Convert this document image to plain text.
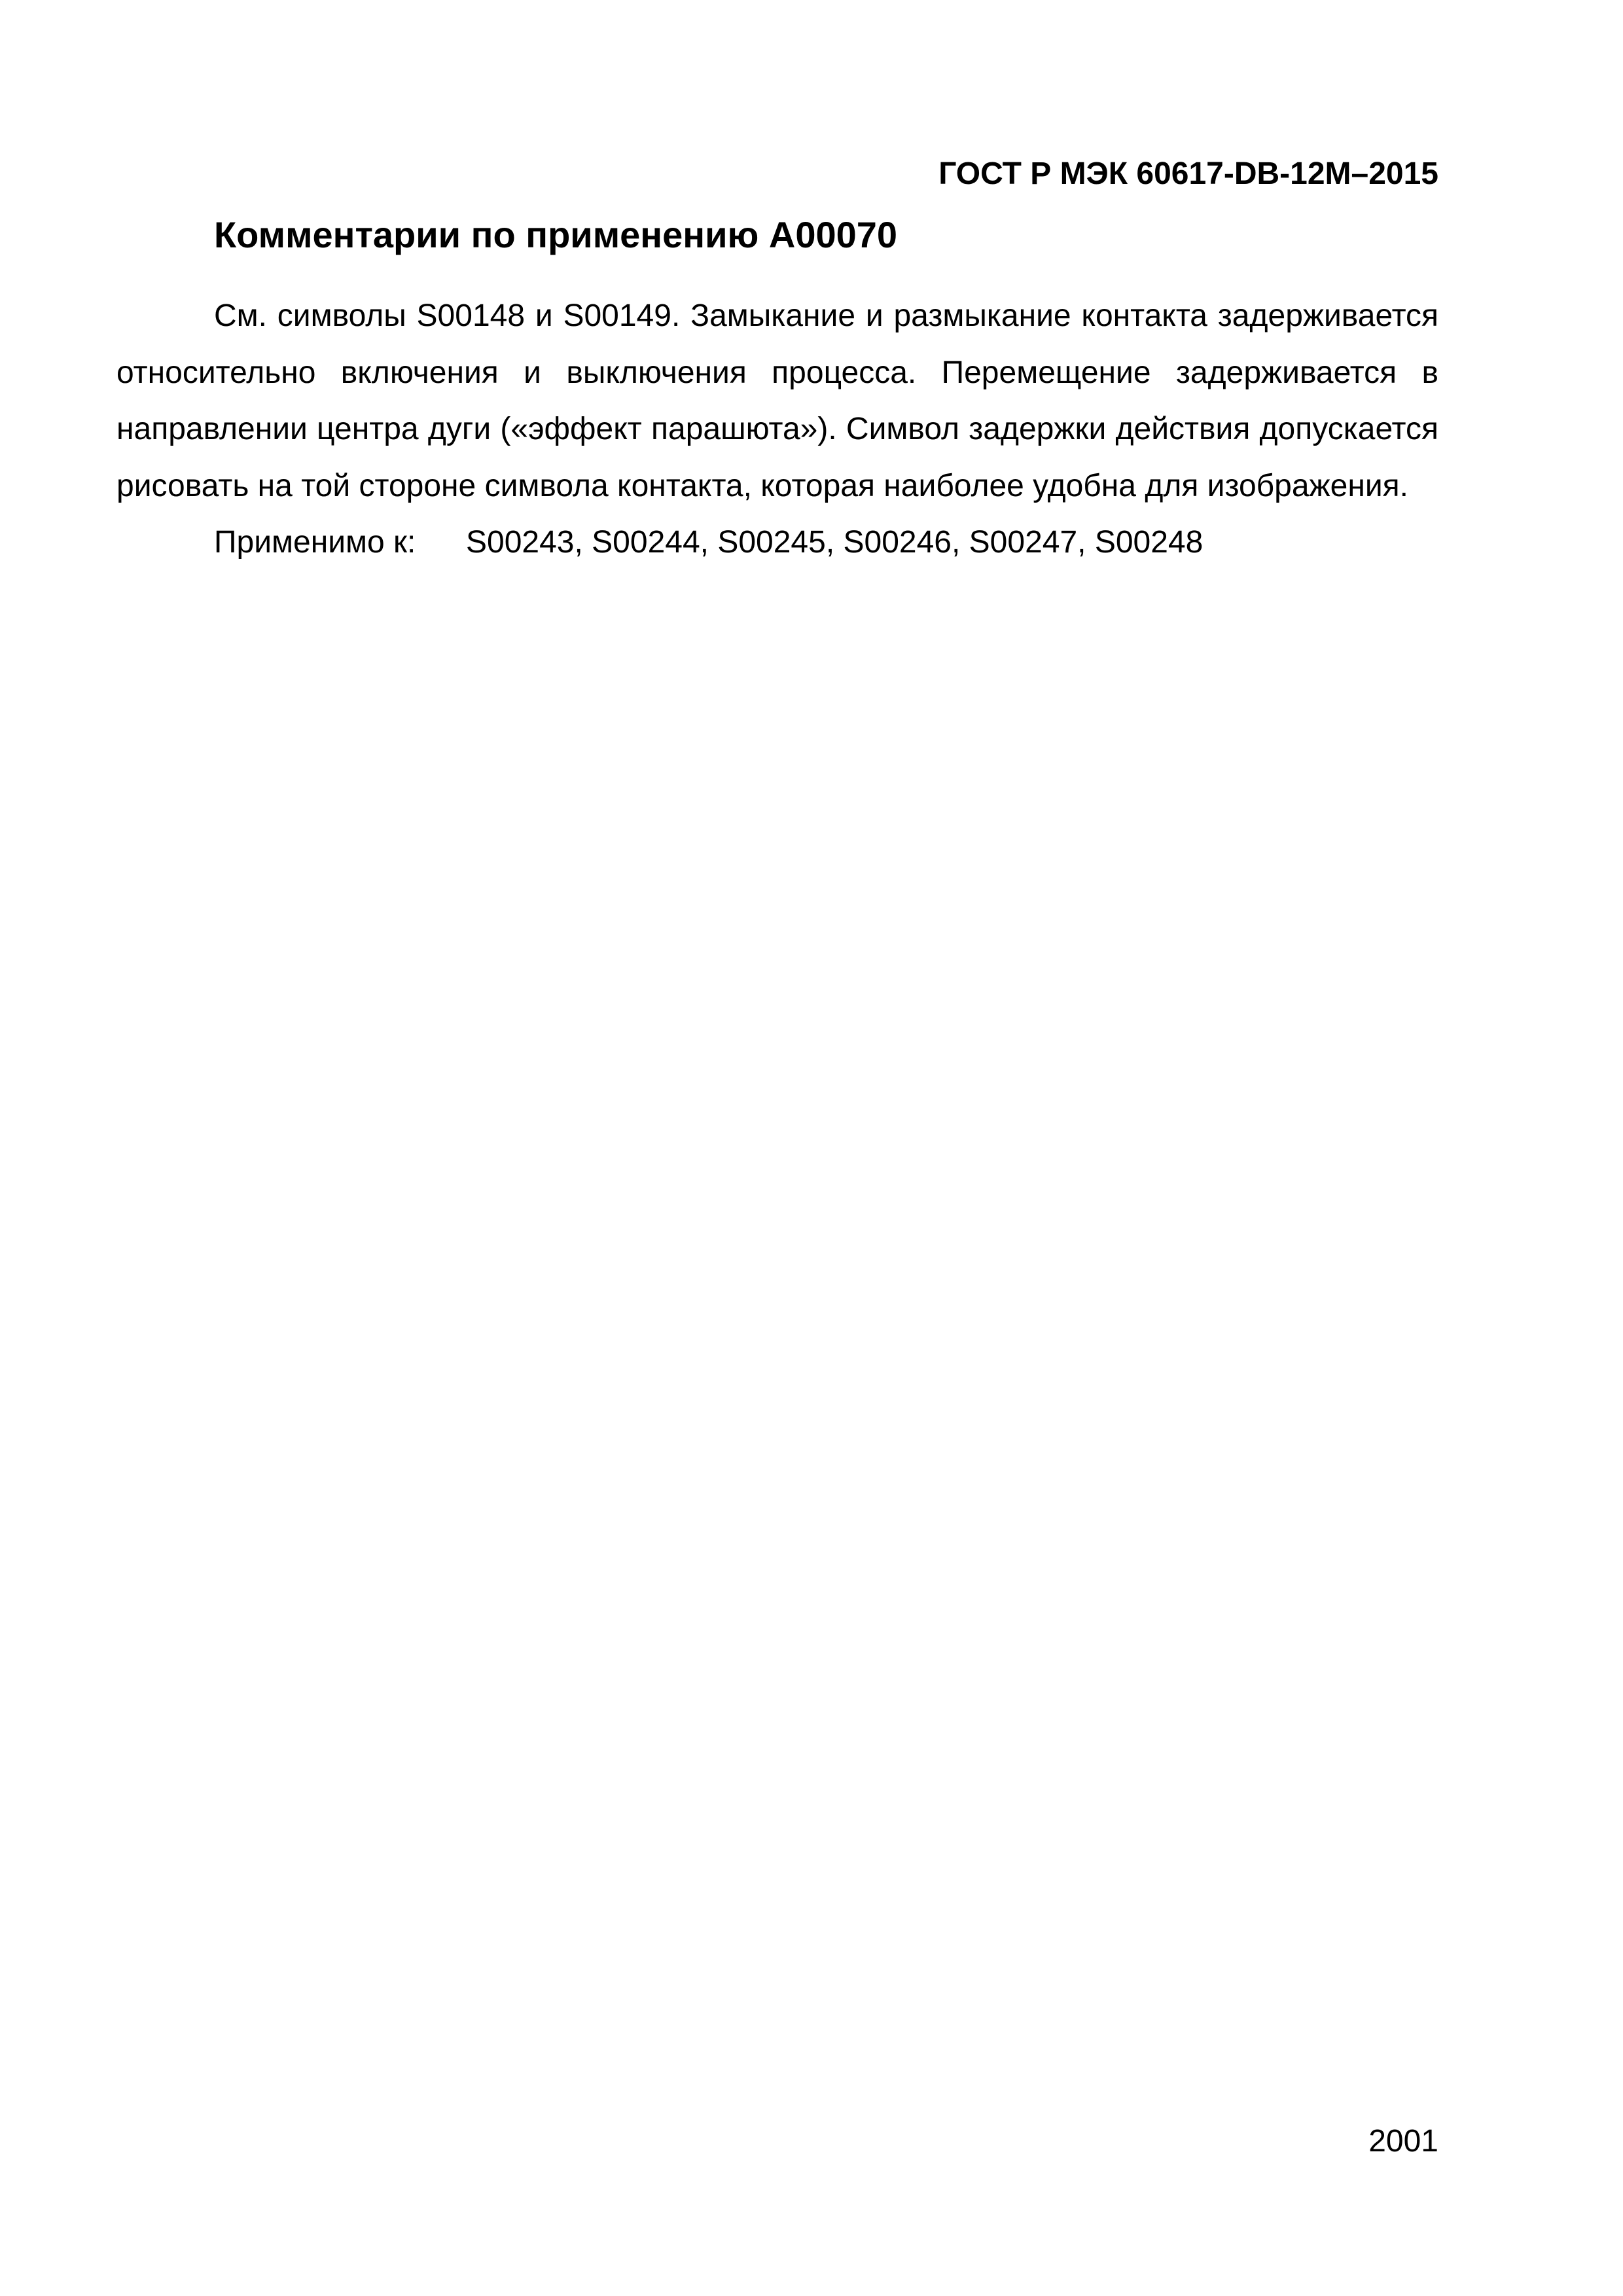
ГОСТ Р МЭК 60617-DB-12M–2015
Комментарии по применению A00070

См. символы S00148 и S00149. Замыкание и размыкание контакта задерживается относительно включения и выключения процесса. Перемещение задерживается в направлении центра дуги («эффект парашюта»). Символ задержки действия допускается рисовать на той стороне символа контакта, которая наиболее удобна для изображения.

Применимо к: S00243, S00244, S00245, S00246, S00247, S00248

2001
